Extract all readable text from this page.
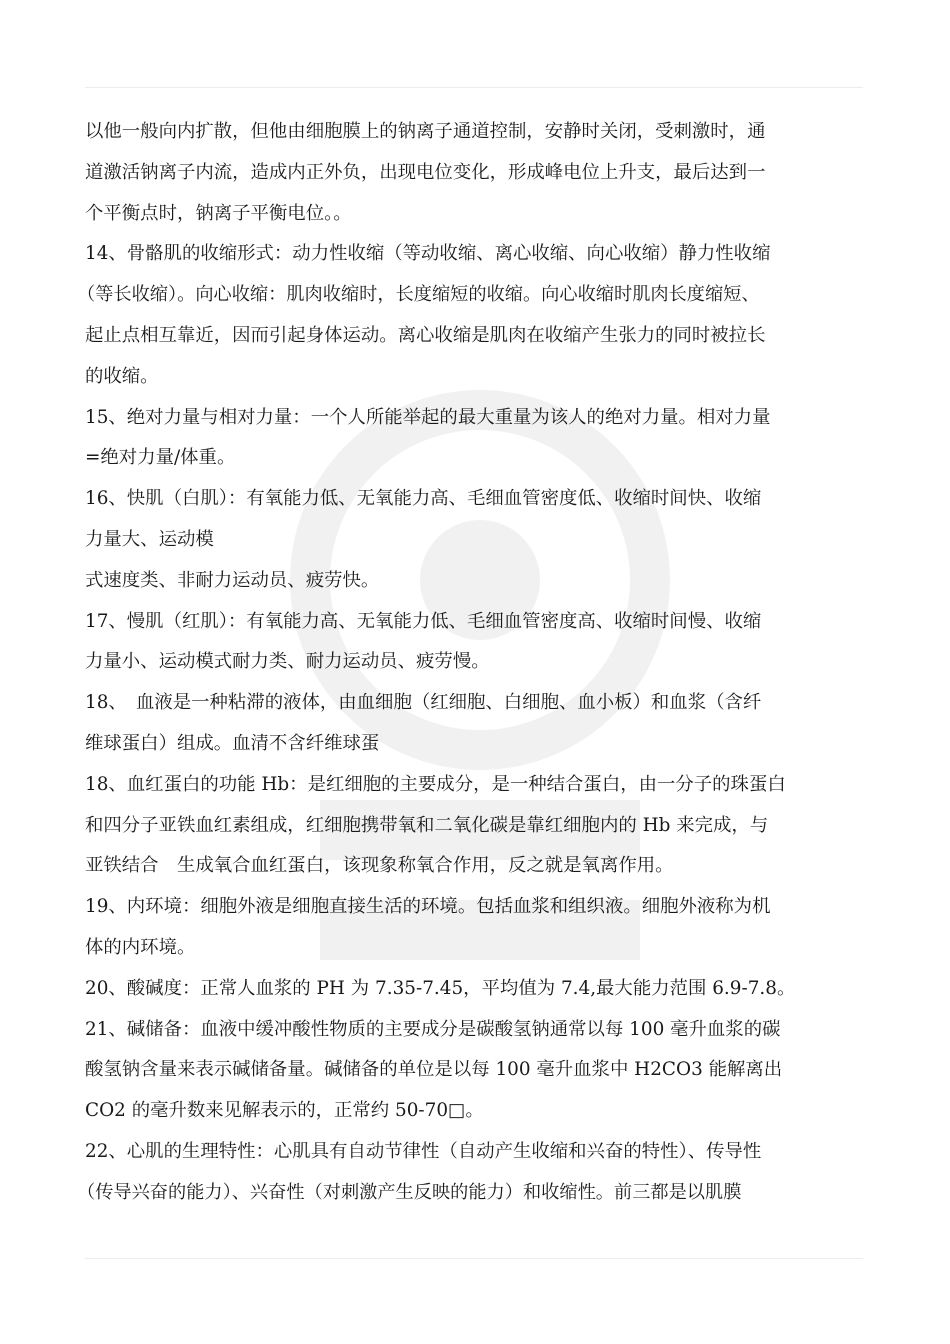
以他一般向内扩散，但他由细胞膜上的钠离子通道控制，安静时关闭，受刺激时，通
道激活钠离子内流，造成内正外负，出现电位变化，形成峰电位上升支，最后达到一
个平衡点时，钠离子平衡电位。。
14、骨骼肌的收缩形式：动力性收缩（等动收缩、离心收缩、向心收缩）静力性收缩
（等长收缩）。向心收缩：肌肉收缩时，长度缩短的收缩。向心收缩时肌肉长度缩短、
起止点相互靠近，因而引起身体运动。离心收缩是肌肉在收缩产生张力的同时被拉长
的收缩。
15、绝对力量与相对力量：一个人所能举起的最大重量为该人的绝对力量。相对力量
=绝对力量/体重。
16、快肌（白肌）：有氧能力低、无氧能力高、毛细血管密度低、收缩时间快、收缩
力量大、运动模
式速度类、非耐力运动员、疲劳快。
17、慢肌（红肌）：有氧能力高、无氧能力低、毛细血管密度高、收缩时间慢、收缩
力量小、运动模式耐力类、耐力运动员、疲劳慢。
18、　血液是一种粘滞的液体，由血细胞（红细胞、白细胞、血小板）和血浆（含纤
维球蛋白）组成。血清不含纤维球蛋
18、血红蛋白的功能 Hb：是红细胞的主要成分，是一种结合蛋白，由一分子的珠蛋白
和四分子亚铁血红素组成，红细胞携带氧和二氧化碳是靠红细胞内的 Hb 来完成，与
亚铁结合　生成氧合血红蛋白，该现象称氧合作用，反之就是氧离作用。
19、内环境：细胞外液是细胞直接生活的环境。包括血浆和组织液。细胞外液称为机
体的内环境。
20、酸碱度：正常人血浆的 PH 为 7.35-7.45，平均值为 7.4,最大能力范围 6.9-7.8。
21、碱储备：血液中缓冲酸性物质的主要成分是碳酸氢钠通常以每 100 毫升血浆的碳
酸氢钠含量来表示碱储备量。碱储备的单位是以每 100 毫升血浆中 H2CO3 能解离出
CO2 的毫升数来见解表示的，正常约 50-70□。
22、心肌的生理特性：心肌具有自动节律性（自动产生收缩和兴奋的特性）、传导性
（传导兴奋的能力）、兴奋性（对刺激产生反映的能力）和收缩性。前三都是以肌膜
